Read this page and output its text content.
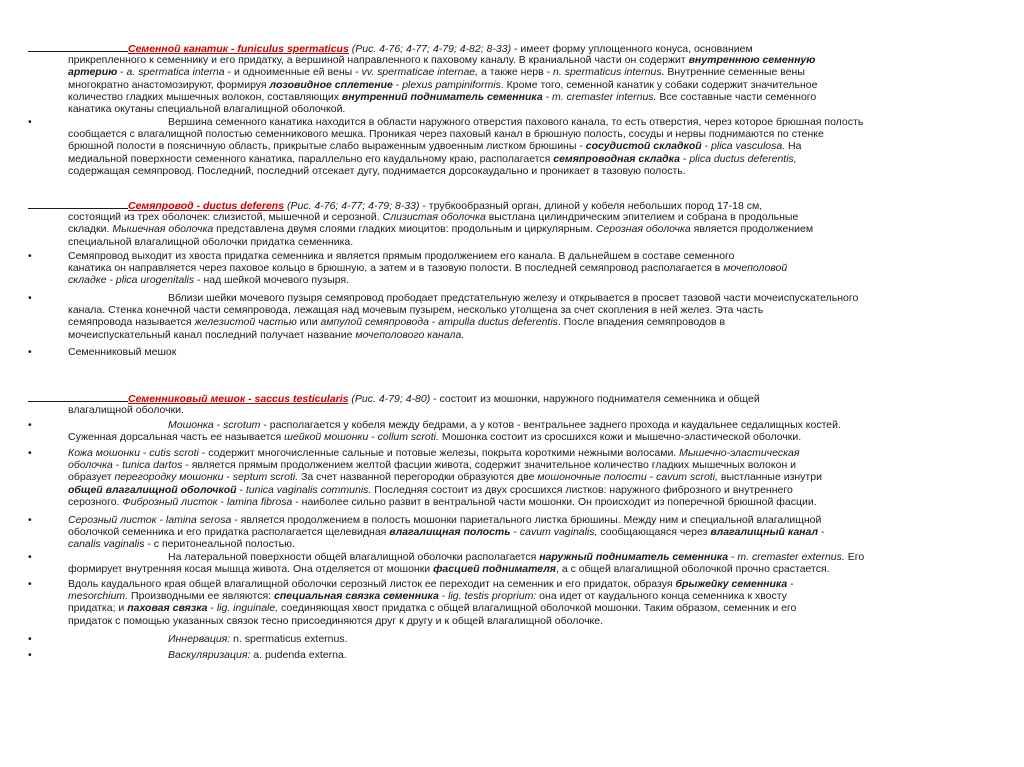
Семенной канатик - funiculus spermaticus (Рис. 4-76; 4-77; 4-79; 4-82; 8-33) - имеет форму уплощенного конуса, основанием
прикрепленного к семеннику и его придатку, а вершиной направленного к паховому каналу. В краниальной части он содержит внутреннюю семенную
артерию - a. spermatica interna - и одноименные ей вены - vv. spermaticae internae, а также нерв - n. spermaticus internus. Внутренние семенные вены
многократно анастомозируют, формируя лозовидное сплетение - plexus pampiniformis. Кроме того, семенной канатик у собаки содержит значительное
количество гладких мышечных волокон, составляющих внутренний подниматель семенника - m. cremaster internus. Все составные части семенного
канатика окутаны специальной влагалищной оболочкой.
•	Вершина семенного канатика находится в области наружного отверстия пахового канала, то есть отверстия, через которое брюшная полость
сообщается с влагалищной полостью семенникового мешка. Проникая через паховый канал в брюшную полость, сосуды и нервы поднимаются по стенке
брюшной полости в поясничную область, прикрытые слабо выраженным удвоенным листком брюшины - сосудистой складкой - plica vasculosa. На
медиальной поверхности семенного канатика, параллельно его каудальному краю, располагается семяпроводная складка - plica ductus deferentis,
содержащая семяпровод. Последний, последний отсекает дугу, поднимается дорсокаудально и проникает в тазовую полость.
Семяпровод - ductus deferens (Рис. 4-76; 4-77; 4-79; 8-33) - трубкообразный орган, длиной у кобеля небольших пород 17-18 см,
состоящий из трех оболочек: слизистой, мышечной и серозной. Слизистая оболочка выстлана цилиндрическим эпителием и собрана в продольные
складки. Мышечная оболочка представлена двумя слоями гладких миоцитов: продольным и циркулярным. Серозная оболочка является продолжением
специальной влагалищной оболочки придатка семенника.
•	Семяпровод выходит из хвоста придатка семенника и является прямым продолжением его канала. В дальнейшем в составе семенного
канатика он направляется через паховое кольцо в брюшную, а затем и в тазовую полости. В последней семяпровод располагается в мочеполовой
складке - plica urogenitalis - над шейкой мочевого пузыря.
•	Вблизи шейки мочевого пузыря семяпровод прободает предстательную железу и открывается в просвет тазовой части мочеиспускательного
канала. Стенка конечной части семяпровода, лежащая над мочевым пузырем, несколько утолщена за счет скопления в ней желез. Эта часть
семяпровода называется железистой частью или ампулой семяпровода - ampulla ductus deferentis. После впадения семяпроводов в
мочеиспускательный канал последний получает название мочеполового канала.
•	Семенниковый мешок
Семенниковый мешок - saccus testicularis (Рис. 4-79; 4-80) - состоит из мошонки, наружного поднимателя семенника и общей
влагалищной оболочки.
•	Мошонка - scrotum - располагается у кобеля между бедрами, а у котов - вентральнее заднего прохода и каудальнее седалищных костей.
Суженная дорсальная часть ее называется шейкой мошонки - collum scroti. Мошонка состоит из сросшихся кожи и мышечно-эластической оболочки.
•	Кожа мошонки - cutis scroti - содержит многочисленные сальные и потовые железы, покрыта короткими нежными волосами. Мышечно-эластическая
оболочка - tunica dartos - является прямым продолжением желтой фасции живота, содержит значительное количество гладких мышечных волокон и
образует перегородку мошонки - septum scroti. За счет названной перегородки образуются две мошоночные полости - cavum scroti, выстланные изнутри
общей влагалищной оболочкой - tunica vaginalis communis. Последняя состоит из двух сросшихся листков: наружного фиброзного и внутреннего
серозного. Фиброзный листок - lamina fibrosa - наиболее сильно развит в вентральной части мошонки. Он происходит из поперечной брюшной фасции.
•	Серозный листок - lamina serosa - является продолжением в полость мошонки париетального листка брюшины. Между ним и специальной влагалищной
оболочкой семенника и его придатка располагается щелевидная влагалищная полость - cavum vaginalis, сообщающаяся через влагалищный канал -
canalis vaginalis - с перитонеальной полостью.
•	На латеральной поверхности общей влагалищной оболочки располагается наружный подниматель семенника - m. cremaster externus. Его
формирует внутренняя косая мышца живота. Она отделяется от мошонки фасцией поднимателя, а с общей влагалищной оболочкой прочно срастается.
•	Вдоль каудального края общей влагалищной оболочки серозный листок ее переходит на семенник и его придаток, образуя брыжейку семенника -
mesorchium. Производными ее являются: специальная связка семенника - lig. testis proprium: она идет от каудального конца семенника к хвосту
придатка; и паховая связка - lig. inguinale, соединяющая хвост придатка с общей влагалищной оболочкой мошонки. Таким образом, семенник и его
придаток с помощью указанных связок тесно присоединяются друг к другу и к общей влагалищной оболочке.
•	Иннервация: n. spermaticus externus.
•	Васкуляризация: a. pudenda externa.
